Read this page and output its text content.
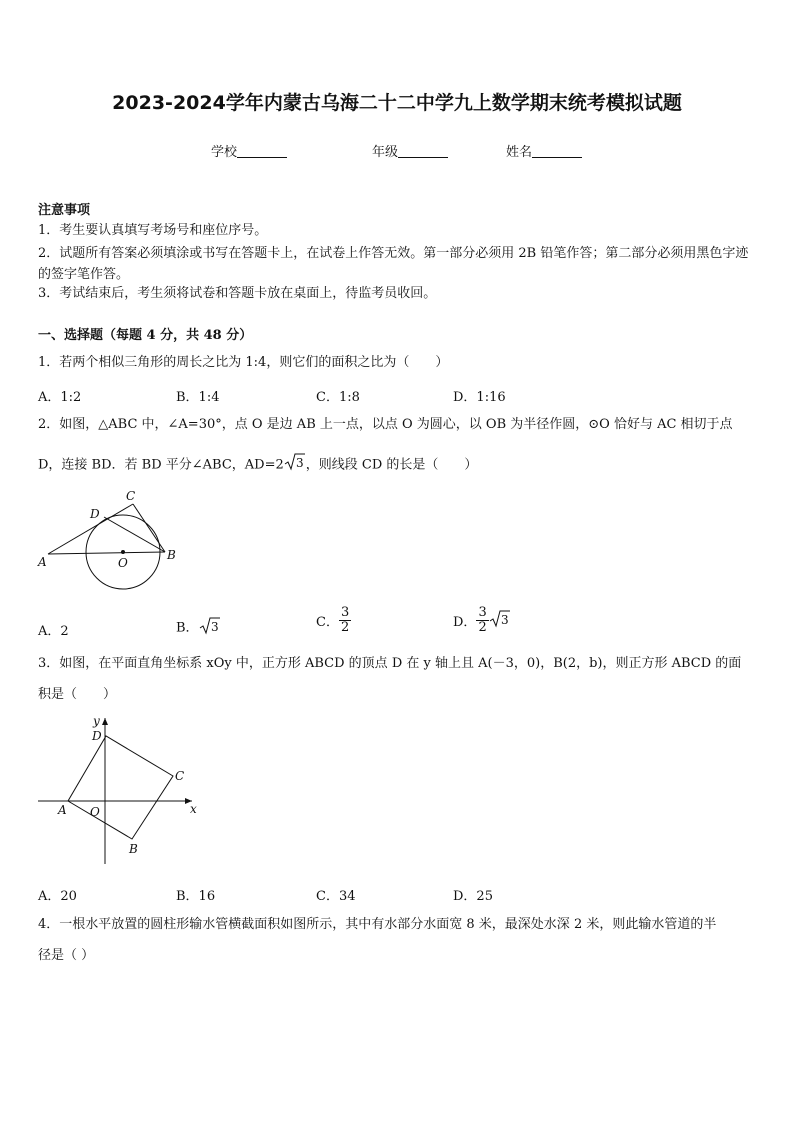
2023-2024学年内蒙古乌海二十二中学九上数学期末统考模拟试题
学校	年级	姓名
注意事项
1．考生要认真填写考场号和座位序号。
2．试题所有答案必须填涂或书写在答题卡上，在试卷上作答无效。第一部分必须用 2B 铅笔作答；第二部分必须用黑色字迹的签字笔作答。
3．考试结束后，考生须将试卷和答题卡放在桌面上，待监考员收回。
一、选择题（每题 4 分，共 48 分）
1．若两个相似三角形的周长之比为 1:4，则它们的面积之比为（　　）
A．1:2	B．1:4	C．1:8	D．1:16
2．如图，△ABC 中，∠A=30°，点 O 是边 AB 上一点，以点 O 为圆心，以 OB 为半径作圆，⊙O 恰好与 AC 相切于点
D，连接 BD．若 BD 平分∠ABC，AD=2 3 ，则线段 CD 的长是（　　）
A	B
C
D
O
A．2	B． 3	C． $\frac{3}{2}$	D． $\frac{3}{2} 3$
3．如图，在平面直角坐标系 xOy 中，正方形 ABCD 的顶点 D 在 y 轴上且 A(－3，0)，B(2，b)，则正方形 ABCD 的面
积是（　　）
x
y
O
A
B
C
D
A．20	B．16	C．34	D．25
4．一根水平放置的圆柱形输水管横截面积如图所示，其中有水部分水面宽 8 米，最深处水深 2 米，则此输水管道的半
径是（ ）
